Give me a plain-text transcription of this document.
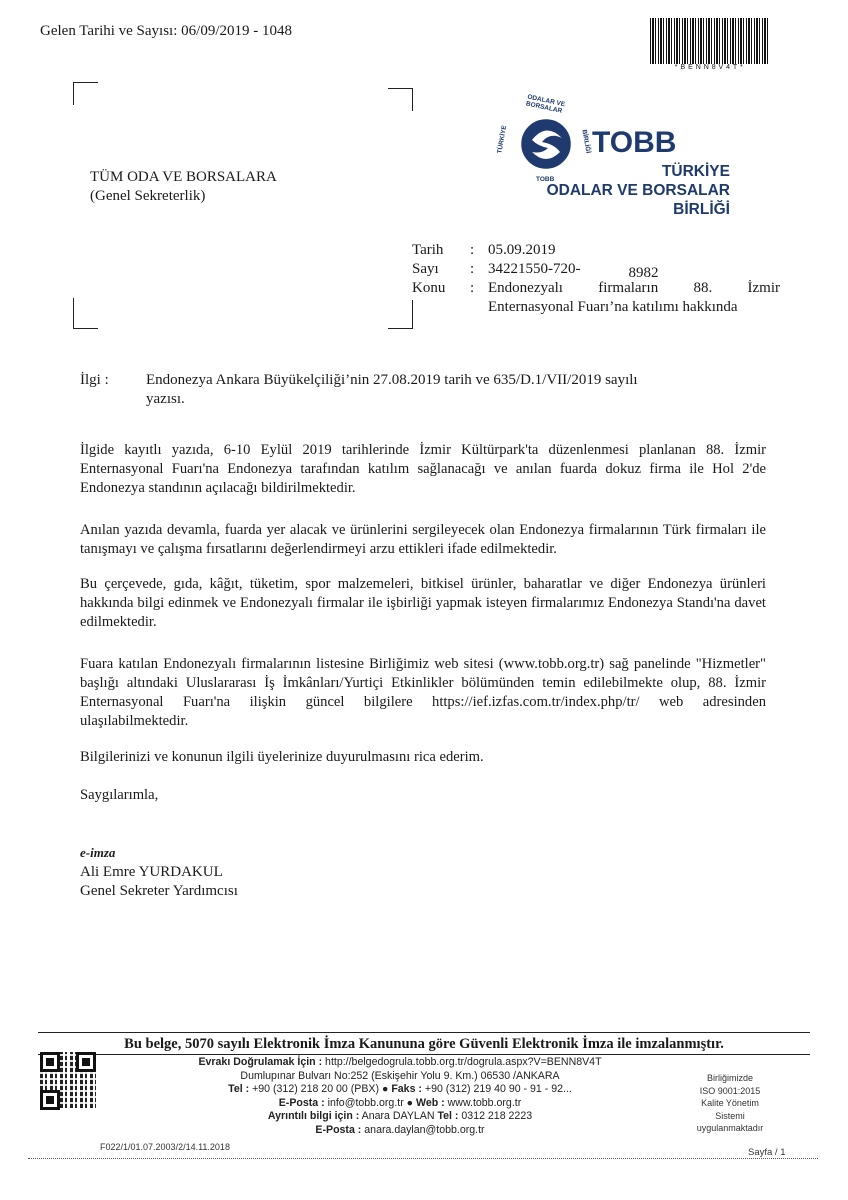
Gelen Tarihi ve Sayısı: 06/09/2019 - 1048
* B E N N 8 V 4 T *
ODALAR VE BORSALAR
TÜRKİYE	BİRLİĞİ
TOBB
TOBB
TÜRKİYE
ODALAR VE BORSALAR
BİRLİĞİ
TÜM ODA VE BORSALARA
(Genel Sekreterlik)
Tarih : 05.09.2019
Sayı : 34221550-720-	8982
Konu : Endonezyalı firmaların 88. İzmir
Enternasyonal Fuarı’na katılımı hakkında
İlgi : Endonezya Ankara Büyükelçiliği’nin 27.08.2019 tarih ve 635/D.1/VII/2019 sayılı
yazısı.
İlgide kayıtlı yazıda, 6-10 Eylül 2019 tarihlerinde İzmir Kültürpark'ta düzenlenmesi planlanan 88. İzmir Enternasyonal Fuarı'na Endonezya tarafından katılım sağlanacağı ve anılan fuarda dokuz firma ile Hol 2'de Endonezya standının açılacağı bildirilmektedir.
Anılan yazıda devamla, fuarda yer alacak ve ürünlerini sergileyecek olan Endonezya firmalarının Türk firmaları ile tanışmayı ve çalışma fırsatlarını değerlendirmeyi arzu ettikleri ifade edilmektedir.
Bu çerçevede, gıda, kâğıt, tüketim, spor malzemeleri, bitkisel ürünler, baharatlar ve diğer Endonezya ürünleri hakkında bilgi edinmek ve Endonezyalı firmalar ile işbirliği yapmak isteyen firmalarımız Endonezya Standı'na davet edilmektedir.
Fuara katılan Endonezyalı firmalarının listesine Birliğimiz web sitesi (www.tobb.org.tr) sağ panelinde "Hizmetler" başlığı altındaki Uluslararası İş İmkânları/Yurtiçi Etkinlikler bölümünden temin edilebilmekte olup, 88. İzmir Enternasyonal Fuarı'na ilişkin güncel bilgilere https://ief.izfas.com.tr/index.php/tr/ web adresinden ulaşılabilmektedir.
Bilgilerinizi ve konunun ilgili üyelerinize duyurulmasını rica ederim.
Saygılarımla,
e-imza
Ali Emre YURDAKUL
Genel Sekreter Yardımcısı
Bu belge, 5070 sayılı Elektronik İmza Kanununa göre Güvenli Elektronik İmza ile imzalanmıştır.
Evrakı Doğrulamak İçin : http://belgedogrula.tobb.org.tr/dogrula.aspx?V=BENN8V4T
Dumlupınar Bulvarı No:252 (Eskişehir Yolu 9. Km.) 06530 /ANKARA
Tel : +90 (312) 218 20 00 (PBX) ● Faks : +90 (312) 219 40 90 - 91 - 92...
E-Posta : info@tobb.org.tr ● Web : www.tobb.org.tr
Ayrıntılı bilgi için : Anara DAYLAN Tel : 0312 218 2223
E-Posta : anara.daylan@tobb.org.tr
Birliğimizde
ISO 9001:2015
Kalite Yönetim
Sistemi
uygulanmaktadır
F022/1/01.07.2003/2/14.11.2018	Sayfa / 1
